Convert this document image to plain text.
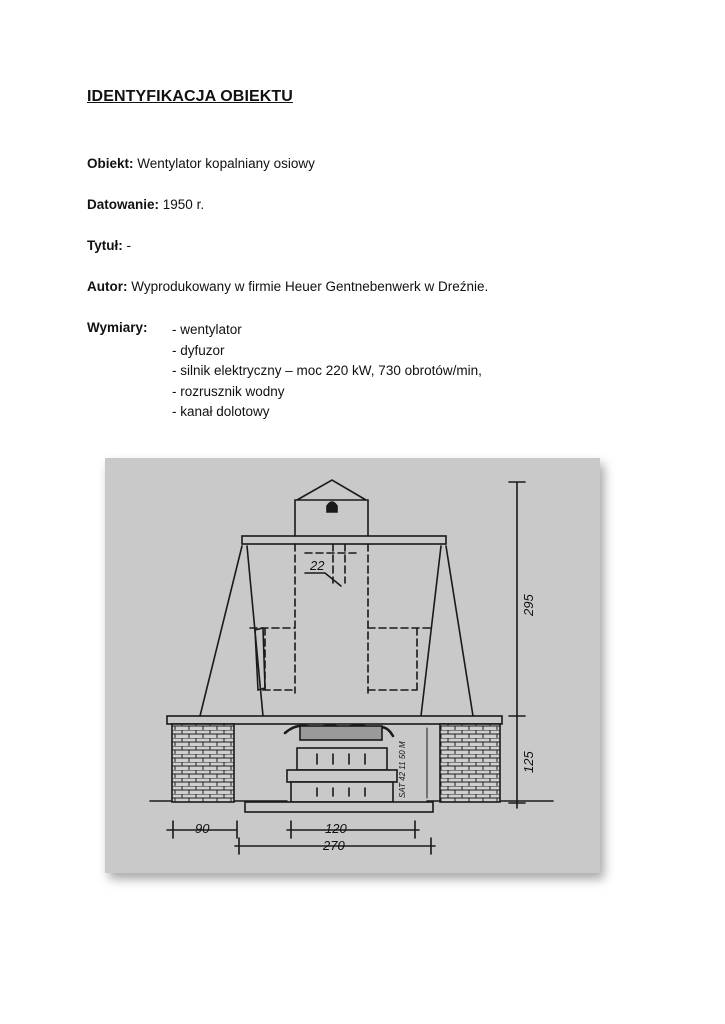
IDENTYFIKACJA OBIEKTU
Obiekt: Wentylator kopalniany osiowy
Datowanie: 1950 r.
Tytuł: -
Autor: Wyprodukowany w firmie Heuer Gentnebenwerk w Dreźnie.
Wymiary: - wentylator
- dyfuzor
- silnik elektryczny – moc 220 kW, 730 obrotów/min,
- rozrusznik wodny
- kanał dolotowy
22
295
125
90	120
270
SAT 42 11 50 M
